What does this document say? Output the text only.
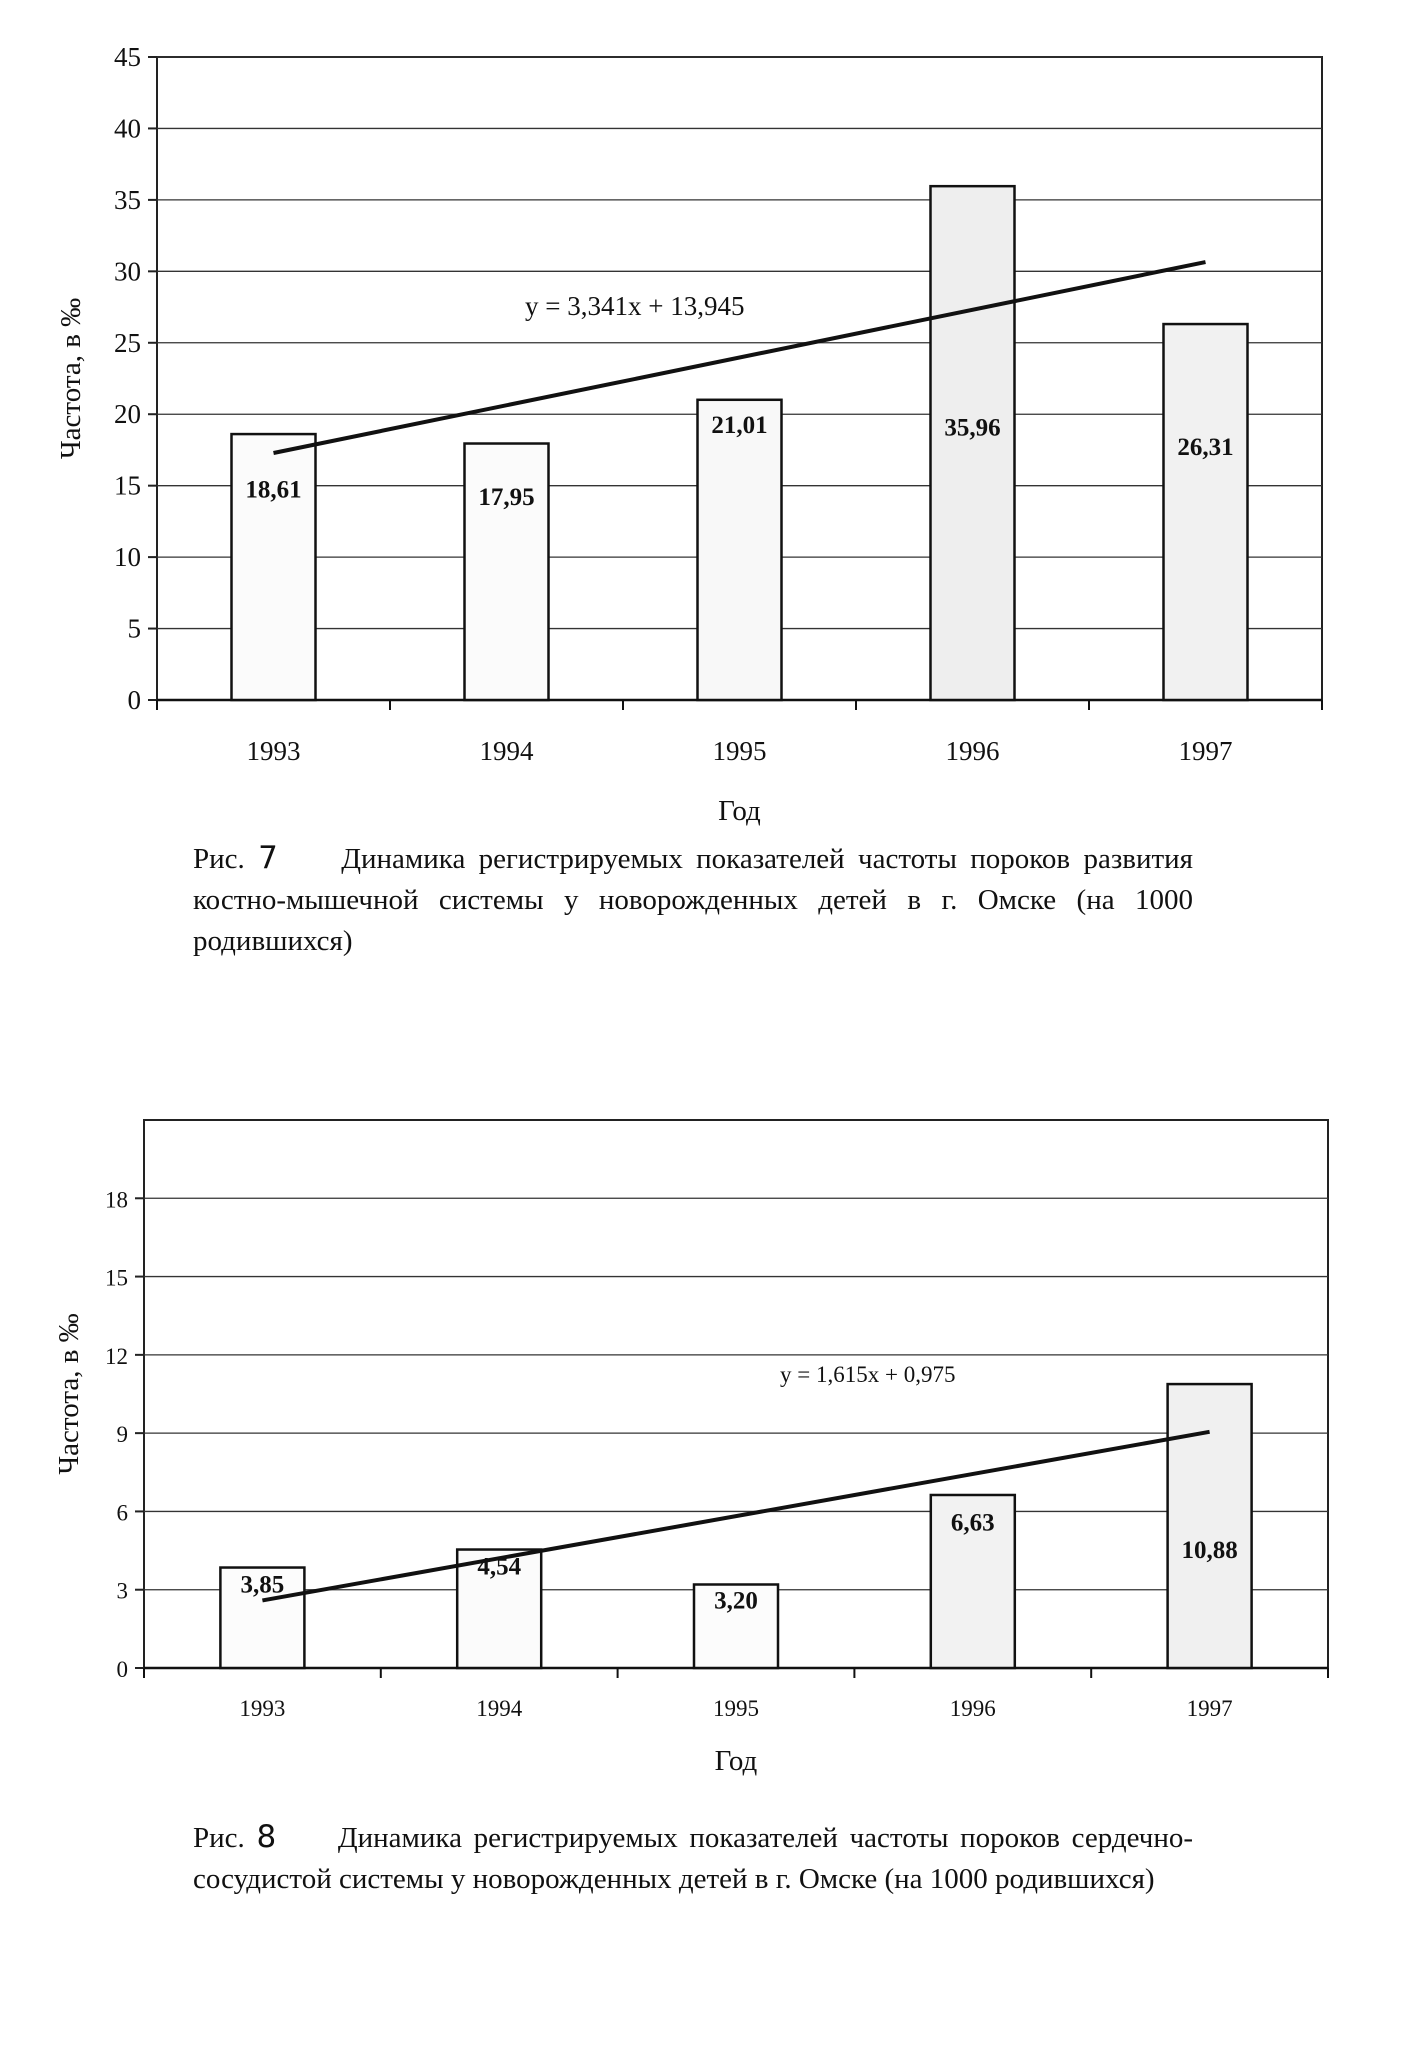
0
5
10
15
20
25
30
35
40
45
18,61
1993
17,95
1994
21,01
1995
35,96
1996
26,31
1997
y = 3,341x + 13,945
Год
Частота, в ‰
Рис. 7 Динамика регистрируемых показателей частоты пороков развития костно-мышечной системы у новорожденных детей в г. Омске (на 1000 родившихся)
0
3
6
9
12
15
18
3,85
1993
4,54
1994
3,20
1995
6,63
1996
10,88
1997
y = 1,615x + 0,975
Год
Частота, в ‰
Рис. 8 Динамика регистрируемых показателей частоты пороков сердечно-сосудистой системы у новорожденных детей в г. Омске (на 1000 родившихся)
